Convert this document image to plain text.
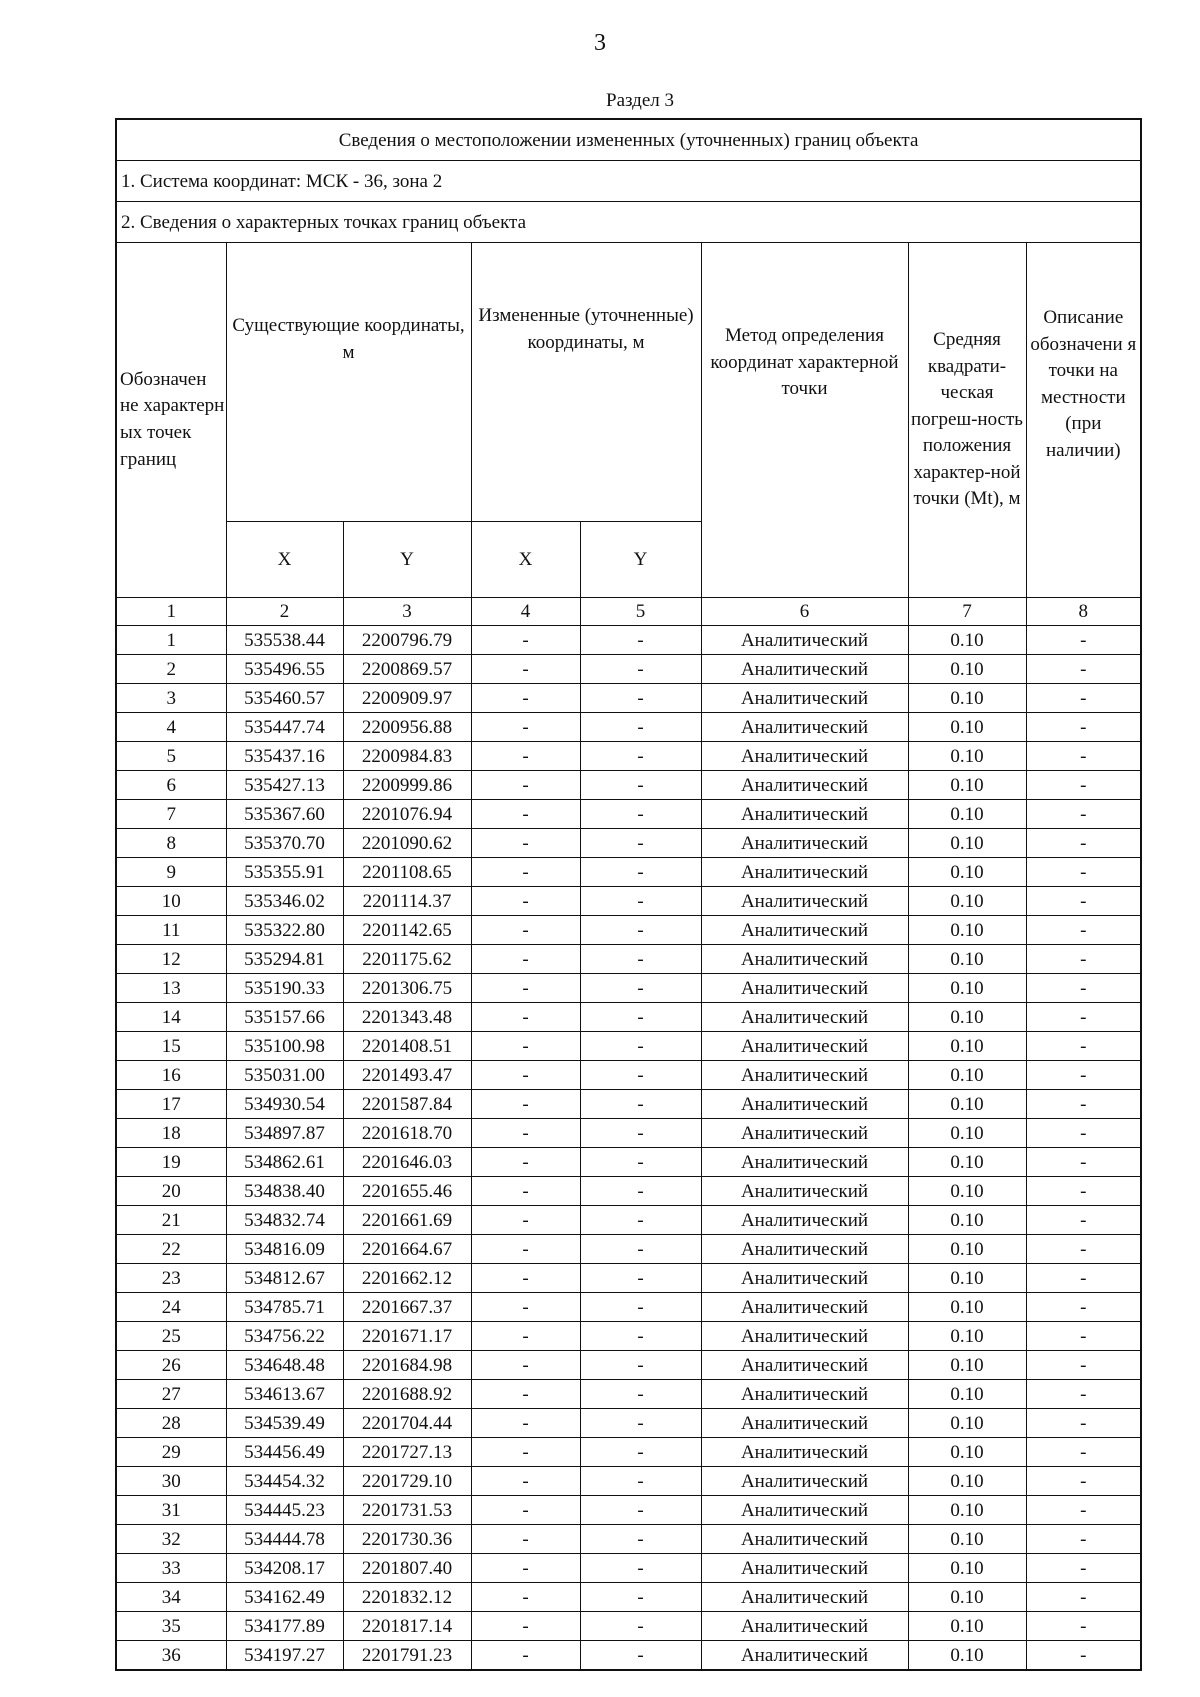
3
Раздел 3
Сведения о местоположении измененных (уточненных) границ объекта							
1. Система координат: МСК - 36, зона 2							
2. Сведения о характерных точках границ объекта							
Обозначен не характерн ых точек границ	Существующие координаты, м		Измененные (уточненные) координаты, м		Метод определения координат характерной точки	Средняя квадрати-ческая погреш-ность положения характер-ной точки (Mt), м	Описание обозначени я точки на местности (при наличии)
	X	Y	X	Y			
1	2	3	4	5	6	7	8
1	535538.44	2200796.79	-	-	Аналитический	0.10	-
2	535496.55	2200869.57	-	-	Аналитический	0.10	-
3	535460.57	2200909.97	-	-	Аналитический	0.10	-
4	535447.74	2200956.88	-	-	Аналитический	0.10	-
5	535437.16	2200984.83	-	-	Аналитический	0.10	-
6	535427.13	2200999.86	-	-	Аналитический	0.10	-
7	535367.60	2201076.94	-	-	Аналитический	0.10	-
8	535370.70	2201090.62	-	-	Аналитический	0.10	-
9	535355.91	2201108.65	-	-	Аналитический	0.10	-
10	535346.02	2201114.37	-	-	Аналитический	0.10	-
11	535322.80	2201142.65	-	-	Аналитический	0.10	-
12	535294.81	2201175.62	-	-	Аналитический	0.10	-
13	535190.33	2201306.75	-	-	Аналитический	0.10	-
14	535157.66	2201343.48	-	-	Аналитический	0.10	-
15	535100.98	2201408.51	-	-	Аналитический	0.10	-
16	535031.00	2201493.47	-	-	Аналитический	0.10	-
17	534930.54	2201587.84	-	-	Аналитический	0.10	-
18	534897.87	2201618.70	-	-	Аналитический	0.10	-
19	534862.61	2201646.03	-	-	Аналитический	0.10	-
20	534838.40	2201655.46	-	-	Аналитический	0.10	-
21	534832.74	2201661.69	-	-	Аналитический	0.10	-
22	534816.09	2201664.67	-	-	Аналитический	0.10	-
23	534812.67	2201662.12	-	-	Аналитический	0.10	-
24	534785.71	2201667.37	-	-	Аналитический	0.10	-
25	534756.22	2201671.17	-	-	Аналитический	0.10	-
26	534648.48	2201684.98	-	-	Аналитический	0.10	-
27	534613.67	2201688.92	-	-	Аналитический	0.10	-
28	534539.49	2201704.44	-	-	Аналитический	0.10	-
29	534456.49	2201727.13	-	-	Аналитический	0.10	-
30	534454.32	2201729.10	-	-	Аналитический	0.10	-
31	534445.23	2201731.53	-	-	Аналитический	0.10	-
32	534444.78	2201730.36	-	-	Аналитический	0.10	-
33	534208.17	2201807.40	-	-	Аналитический	0.10	-
34	534162.49	2201832.12	-	-	Аналитический	0.10	-
35	534177.89	2201817.14	-	-	Аналитический	0.10	-
36	534197.27	2201791.23	-	-	Аналитический	0.10	-
